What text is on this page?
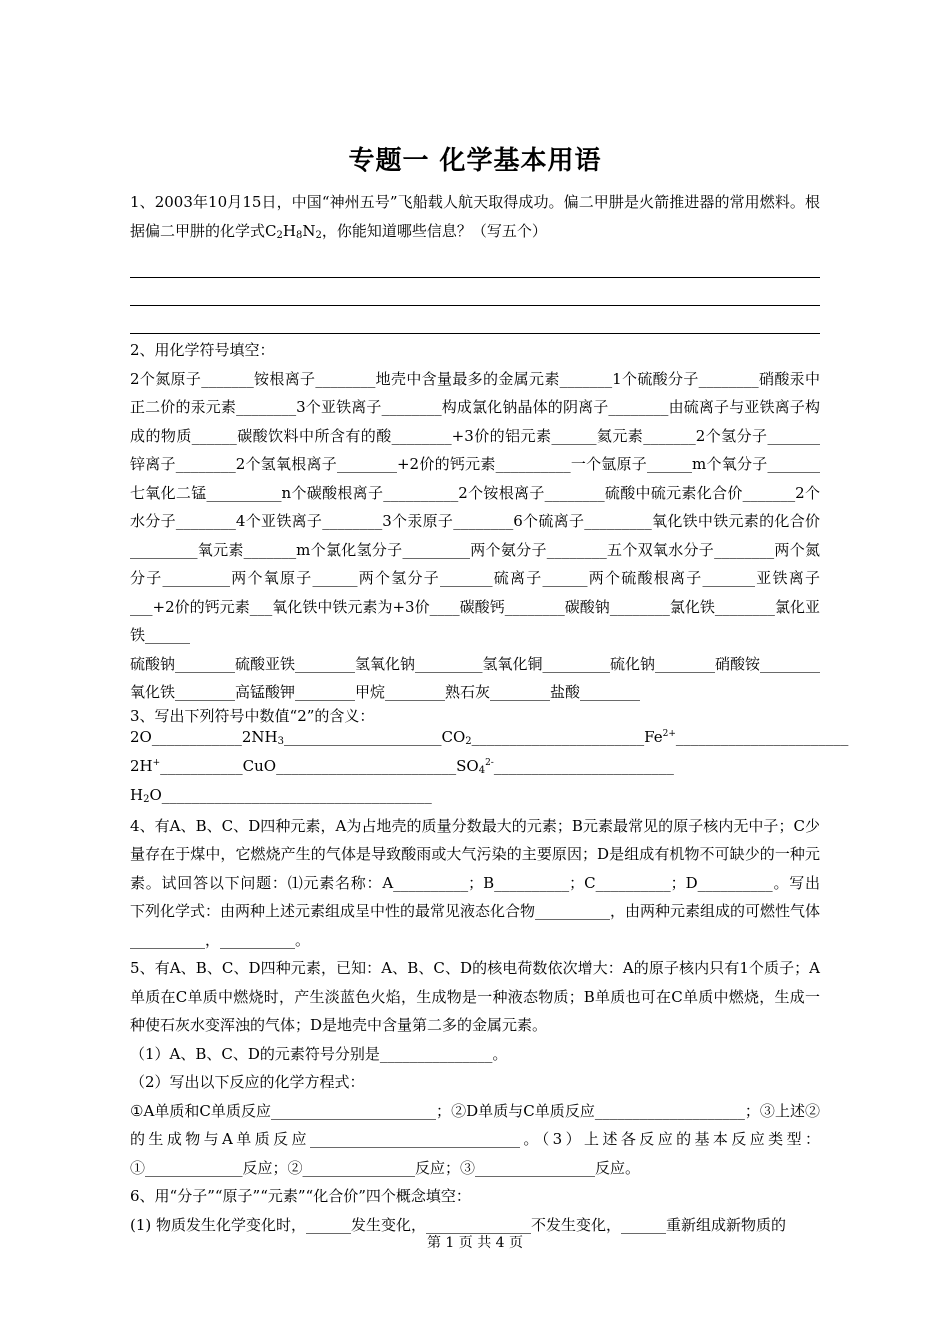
专题一 化学基本用语

1、2003年10月15日，中国“神州五号”飞船载人航天取得成功。偏二甲肼是火箭推进器的常用燃料。根据偏二甲肼的化学式$C_2H_8N_2$，你能知道哪些信息？（写五个）

2、用化学符号填空：

2个氮原子_______铵根离子________地壳中含量最多的金属元素_______1个硫酸分子________硝酸汞中正二价的汞元素________3个亚铁离子________构成氯化钠晶体的阴离子________由硫离子与亚铁离子构成的物质______碳酸饮料中所含有的酸________+3价的铝元素______氦元素_______2个氢分子_______锌离子________2个氢氧根离子________+2价的钙元素__________一个氩原子______m个氧分子_______七氧化二锰__________n个碳酸根离子__________2个铵根离子________硫酸中硫元素化合价_______2个水分子________4个亚铁离子________3个汞原子________6个硫离子_________氧化铁中铁元素的化合价_________氧元素_______m个氯化氢分子_________两个氨分子________五个双氧水分子________两个氮分子_________两个氧原子______两个氢分子_______硫离子______两个硫酸根离子_______亚铁离子___+2价的钙元素___氧化铁中铁元素为+3价____碳酸钙________碳酸钠________氯化铁________氯化亚铁______

硫酸钠________硫酸亚铁________氢氧化钠_________氢氧化铜_________硫化钠________硝酸铵________氧化铁________高锰酸钾________甲烷________熟石灰________盐酸________

3、写出下列符号中数值“2”的含义：

$2O\_\_\_\_\_\_\_\_\_\_\_\_2NH_3\_\_\_\_\_\_\_\_\_\_\_\_\_\_\_\_\_\_\_\_\_CO_2\_\_\_\_\_\_\_\_\_\_\_\_\_\_\_\_\_\_\_\_\_\_\_Fe^{2+}\_\_\_\_\_\_\_\_\_\_\_\_\_\_\_\_\_\_\_\_\_\_\_$

$2H^+\_\_\_\_\_\_\_\_\_\_\_CuO\_\_\_\_\_\_\_\_\_\_\_\_\_\_\_\_\_\_\_\_\_\_\_\_SO_4^{2-}\_\_\_\_\_\_\_\_\_\_\_\_\_\_\_\_\_\_\_\_\_\_\_\_$

$H_2O\_\_\_\_\_\_\_\_\_\_\_\_\_\_\_\_\_\_\_\_\_\_\_\_\_\_\_\_\_\_\_\_\_\_\_\_$

4、有A、B、C、D四种元素，A为占地壳的质量分数最大的元素；B元素最常见的原子核内无中子；C少量存在于煤中，它燃烧产生的气体是导致酸雨或大气污染的主要原因；D是组成有机物不可缺少的一种元素。试回答以下问题：⑴元素名称：A__________；B__________；C__________；D__________。写出下列化学式：由两种上述元素组成呈中性的最常见液态化合物__________，由两种元素组成的可燃性气体__________，__________。

5、有A、B、C、D四种元素，已知：A、B、C、D的核电荷数依次增大：A的原子核内只有1个质子；A单质在C单质中燃烧时，产生淡蓝色火焰，生成物是一种液态物质；B单质也可在C单质中燃烧，生成一种使石灰水变浑浊的气体；D是地壳中含量第二多的金属元素。

（1）A、B、C、D的元素符号分别是_______________。

（2）写出以下反应的化学方程式：

①A单质和C单质反应______________________；②D单质与C单质反应____________________；③上述②的生成物与A单质反应____________________________。（3）上述各反应的基本反应类型：①_____________反应；②_______________反应；③________________反应。

6、用“分子”“原子”“元素”“化合价”四个概念填空：

(1) 物质发生化学变化时，______发生变化，______________不发生变化，______重新组成新物质的

第 1 页 共 4 页
